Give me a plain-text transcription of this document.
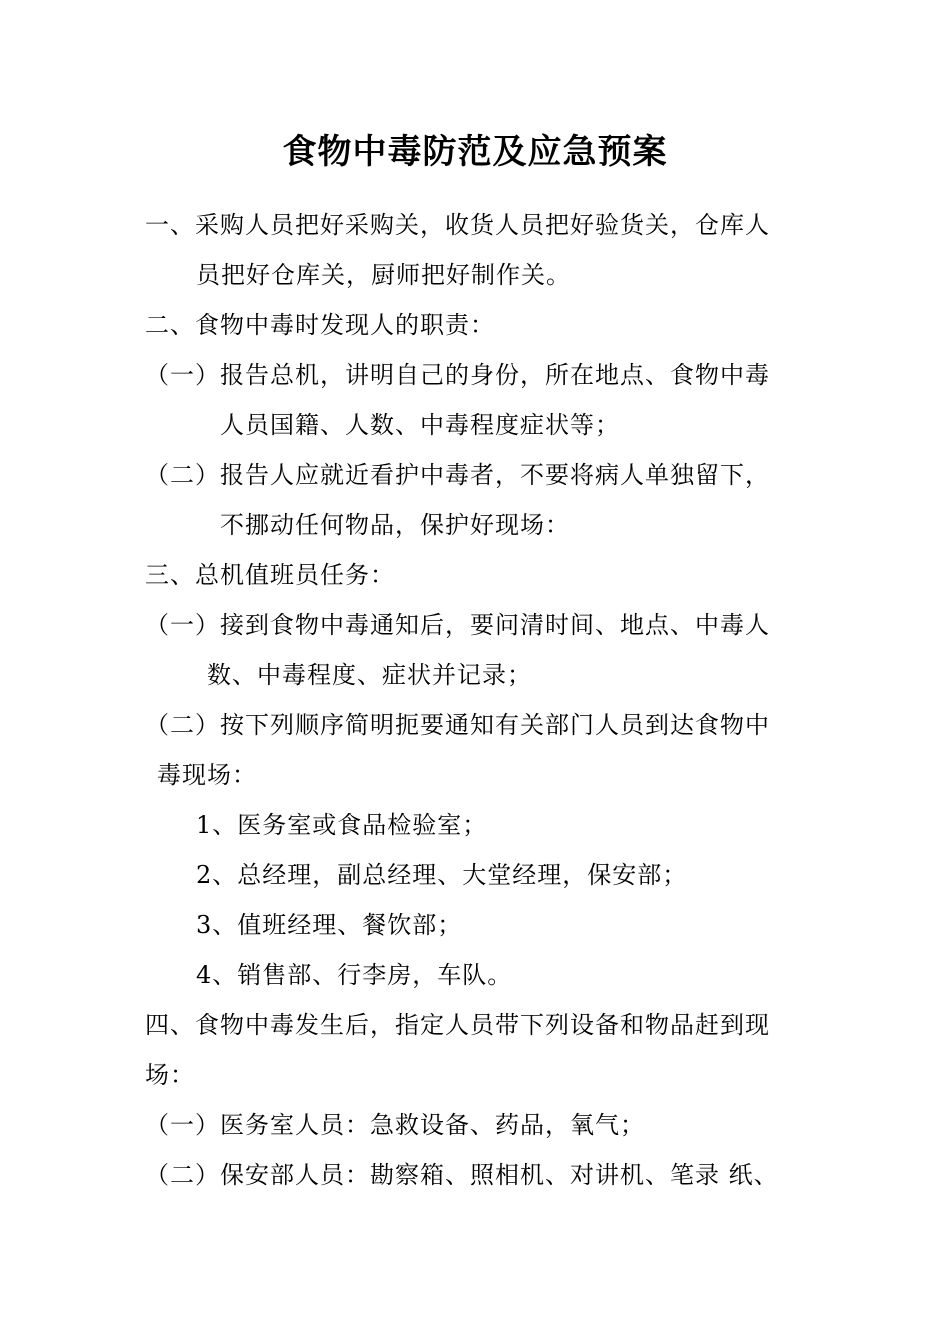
食物中毒防范及应急预案
一、采购人员把好采购关，收货人员把好验货关，仓库人
员把好仓库关，厨师把好制作关。
二、食物中毒时发现人的职责：
（一）报告总机，讲明自己的身份，所在地点、食物中毒
人员国籍、人数、中毒程度症状等；
（二）报告人应就近看护中毒者，不要将病人单独留下，
不挪动任何物品，保护好现场：
三、总机值班员任务：
（一）接到食物中毒通知后，要问清时间、地点、中毒人
数、中毒程度、症状并记录；
（二）按下列顺序简明扼要通知有关部门人员到达食物中
毒现场：
1、医务室或食品检验室；
2、总经理，副总经理、大堂经理，保安部；
3、值班经理、餐饮部；
4、销售部、行李房，车队。
四、食物中毒发生后，指定人员带下列设备和物品赶到现
场：
（一）医务室人员：急救设备、药品，氧气；
（二）保安部人员：勘察箱、照相机、对讲机、笔录 纸、
